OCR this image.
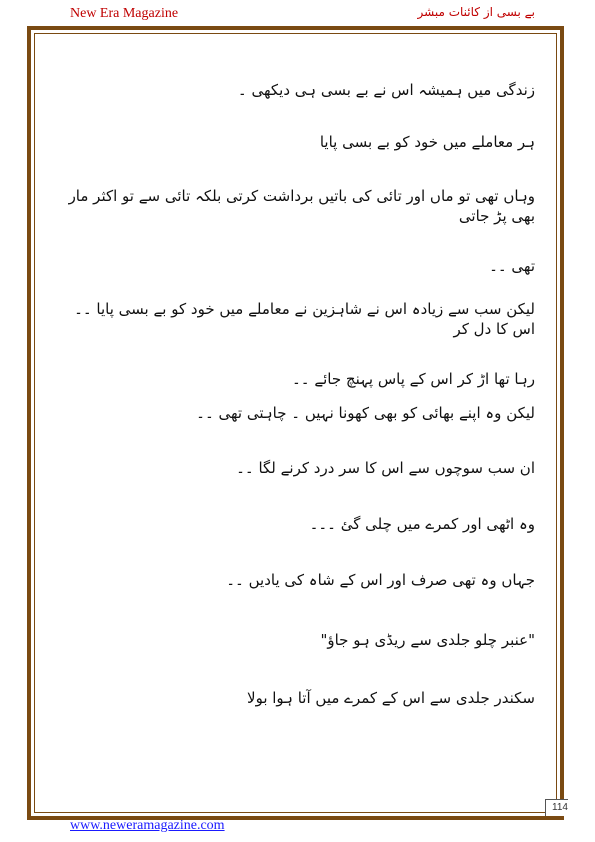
New Era Magazine	بے بسی از کائنات مبشر

زندگی میں ہمیشہ اس نے بے بسی ہی دیکھی ۔

ہر معاملے میں خود کو بے بسی پایا

وہاں تھی تو ماں اور تائی کی باتیں برداشت کرتی بلکہ تائی سے تو اکثر مار بھی پڑ جاتی
تھی ۔۔

لیکن سب سے زیادہ اس نے شاہزین نے معاملے میں خود کو بے بسی پایا ۔۔ اس کا دل کر
رہا تھا اڑ کر اس کے پاس پہنچ جائے ۔۔

لیکن وہ اپنے بھائی کو بھی کھونا نہیں ۔ چاہتی تھی ۔۔

ان سب سوچوں سے اس کا سر درد کرنے لگا ۔۔

وہ اٹھی اور کمرے میں چلی گئ ۔۔۔

جہاں وہ تھی صرف اور اس کے شاہ کی یادیں ۔۔

"عنبر چلو جلدی سے ریڈی ہو جاؤ"

سکندر جلدی سے اس کے کمرے میں آتا ہوا بولا

114
www.neweramagazine.com
